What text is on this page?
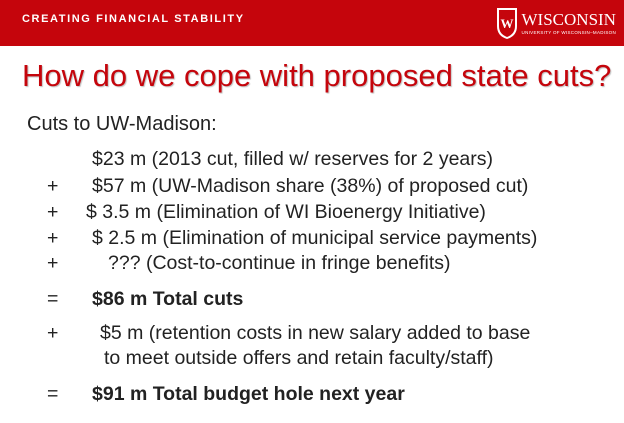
CREATING FINANCIAL STABILITY	W WISCONSIN
UNIVERSITY OF WISCONSIN–MADISON
How do we cope with proposed state cuts?
Cuts to UW-Madison:
$23 m (2013 cut, filled w/ reserves for 2 years)
+ $57 m (UW-Madison share (38%) of proposed cut)
+ $ 3.5 m (Elimination of WI Bioenergy Initiative)
+ $ 2.5 m (Elimination of municipal service payments)
+	??? (Cost-to-continue in fringe benefits)
= $86 m Total cuts
+ $5 m (retention costs in new salary added to base
to meet outside offers and retain faculty/staff)
= $91 m Total budget hole next year
